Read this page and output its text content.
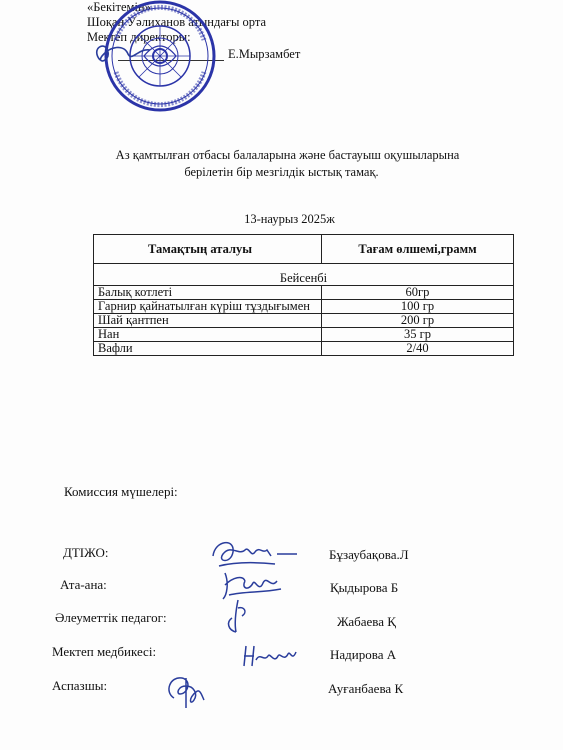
«Бекітемін»
Шоқан Уәлиханов атындағы орта
Мектеп директоры:
Е.Мырзамбет
Аз қамтылған отбасы балаларына және бастауыш оқушыларына
берілетін бір мезгілдік ыстық тамақ.
13-наурыз 2025ж
Тамақтың аталуы	Тағам өлшемі,грамм

Бейсенбі	
Балық котлеті	60гр
Гарнир қайнатылған күріш тұздығымен	100 гр
Шай қантпен	200 гр
Нан	35 гр
Вафли	2/40
Комиссия мүшелері:
ДТІЖО:	Бұзаубақова.Л
Ата-ана:	Қыдырова Б
Әлеуметтік педагог:	Жабаева Қ
Мектеп медбикесі:	Надирова А
Аспазшы:	Ауғанбаева К
